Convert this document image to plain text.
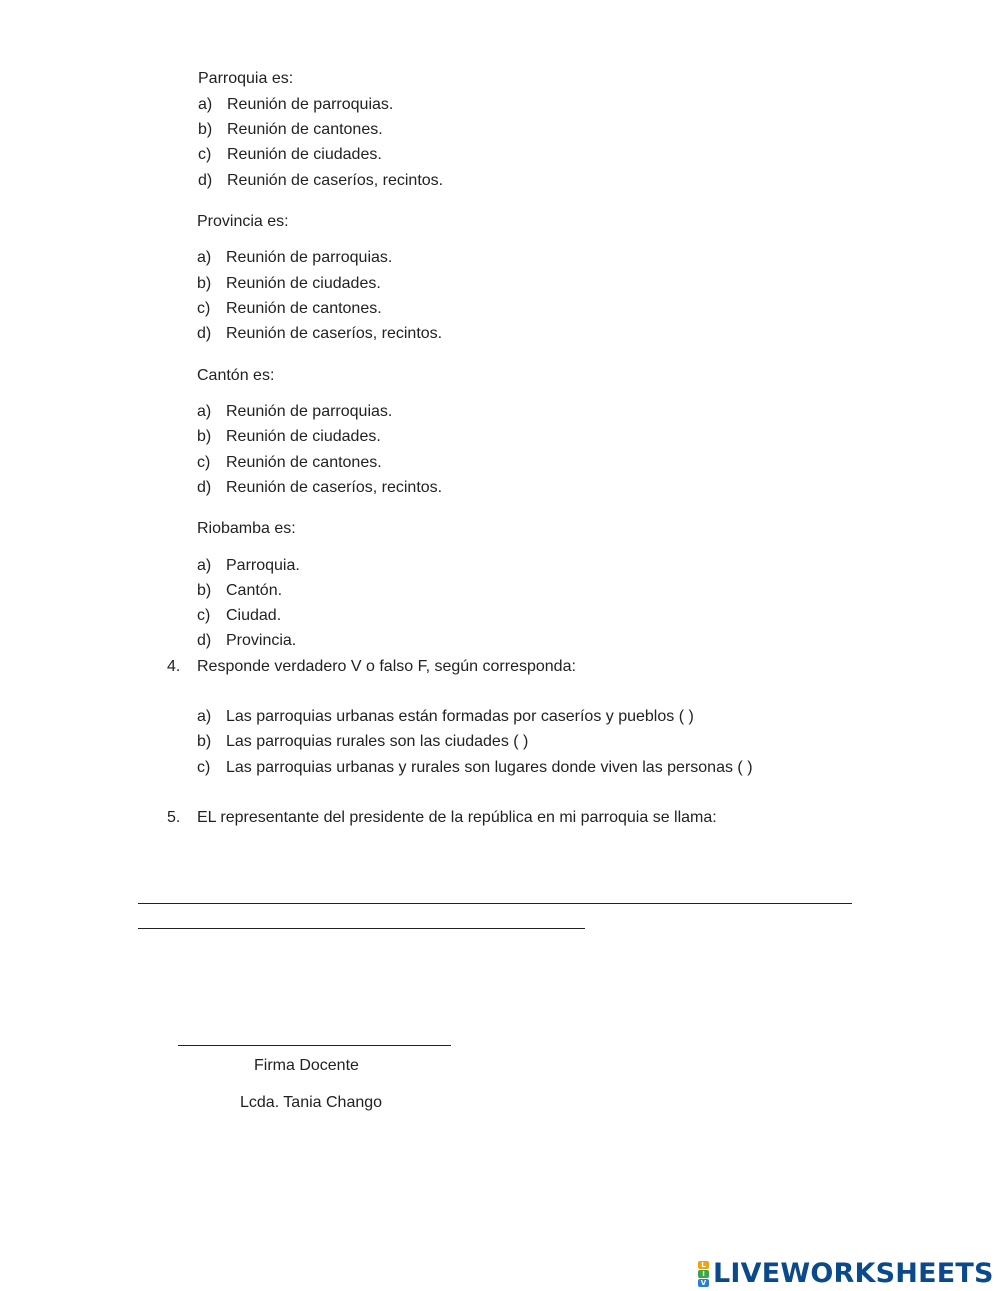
Parroquia es:
a) Reunión de parroquias.
b) Reunión de cantones.
c) Reunión de ciudades.
d) Reunión de caseríos, recintos.
Provincia es:
a) Reunión de parroquias.
b) Reunión de ciudades.
c) Reunión de cantones.
d) Reunión de caseríos, recintos.
Cantón es:
a) Reunión de parroquias.
b) Reunión de ciudades.
c) Reunión de cantones.
d) Reunión de caseríos, recintos.
Riobamba es:
a) Parroquia.
b) Cantón.
c) Ciudad.
d) Provincia.
4. Responde verdadero V o falso F, según corresponda:
a) Las parroquias urbanas están formadas por caseríos y pueblos ( )
b) Las parroquias rurales son las ciudades ( )
c) Las parroquias urbanas y rurales son lugares donde viven las personas ( )
5. EL representante del presidente de la república en mi parroquia se llama:
Firma Docente
Lcda. Tania Chango
L
I
V LIVEWORKSHEETS
